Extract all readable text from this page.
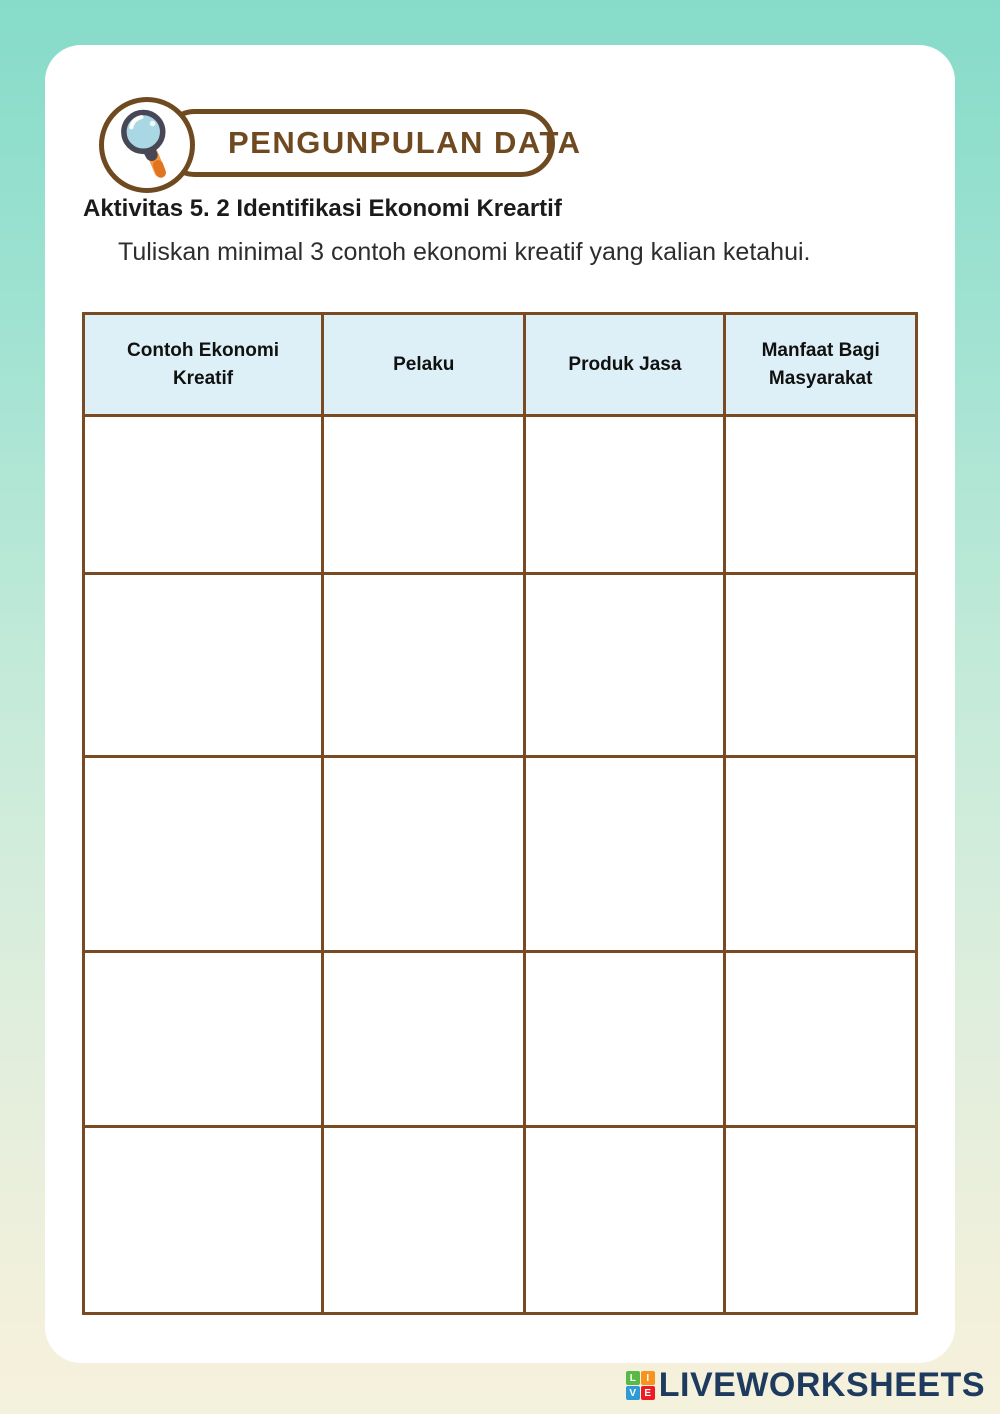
PENGUNPULAN DATA
Aktivitas 5. 2 Identifikasi Ekonomi Kreartif
Tuliskan minimal 3 contoh ekonomi kreatif yang kalian ketahui.
Contoh Ekonomi Kreatif	Pelaku	Produk Jasa	Manfaat Bagi Masyarakat

L	I
V E LIVEWORKSHEETS
